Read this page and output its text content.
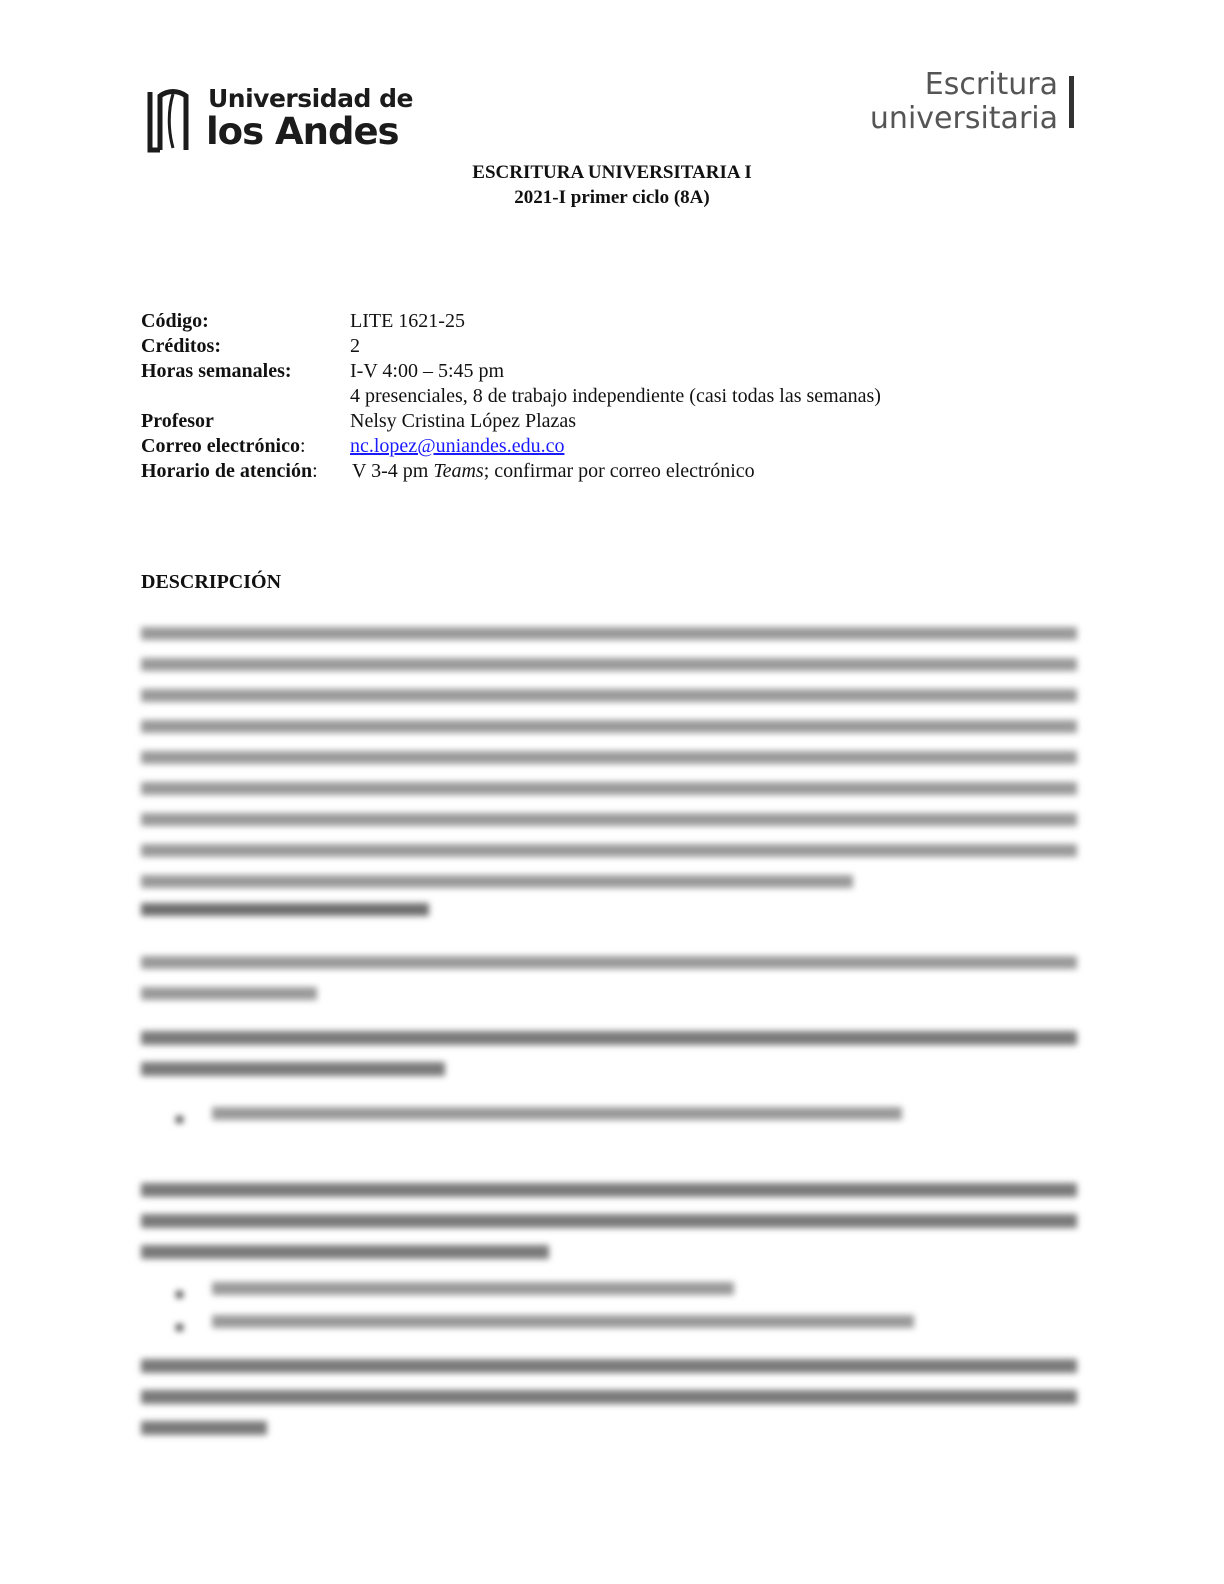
Universidad de
los Andes
Escritura
universitaria
ESCRITURA UNIVERSITARIA I
2021-I primer ciclo (8A)
Código:	LITE 1621-25
Créditos:	2
Horas semanales:	I-V 4:00 – 5:45 pm
4 presenciales, 8 de trabajo independiente (casi todas las semanas)
Profesor	Nelsy Cristina López Plazas
Correo electrónico: nc.lopez@uniandes.edu.co
Horario de atención: V 3-4 pm Teams; confirmar por correo electrónico
DESCRIPCIÓN
